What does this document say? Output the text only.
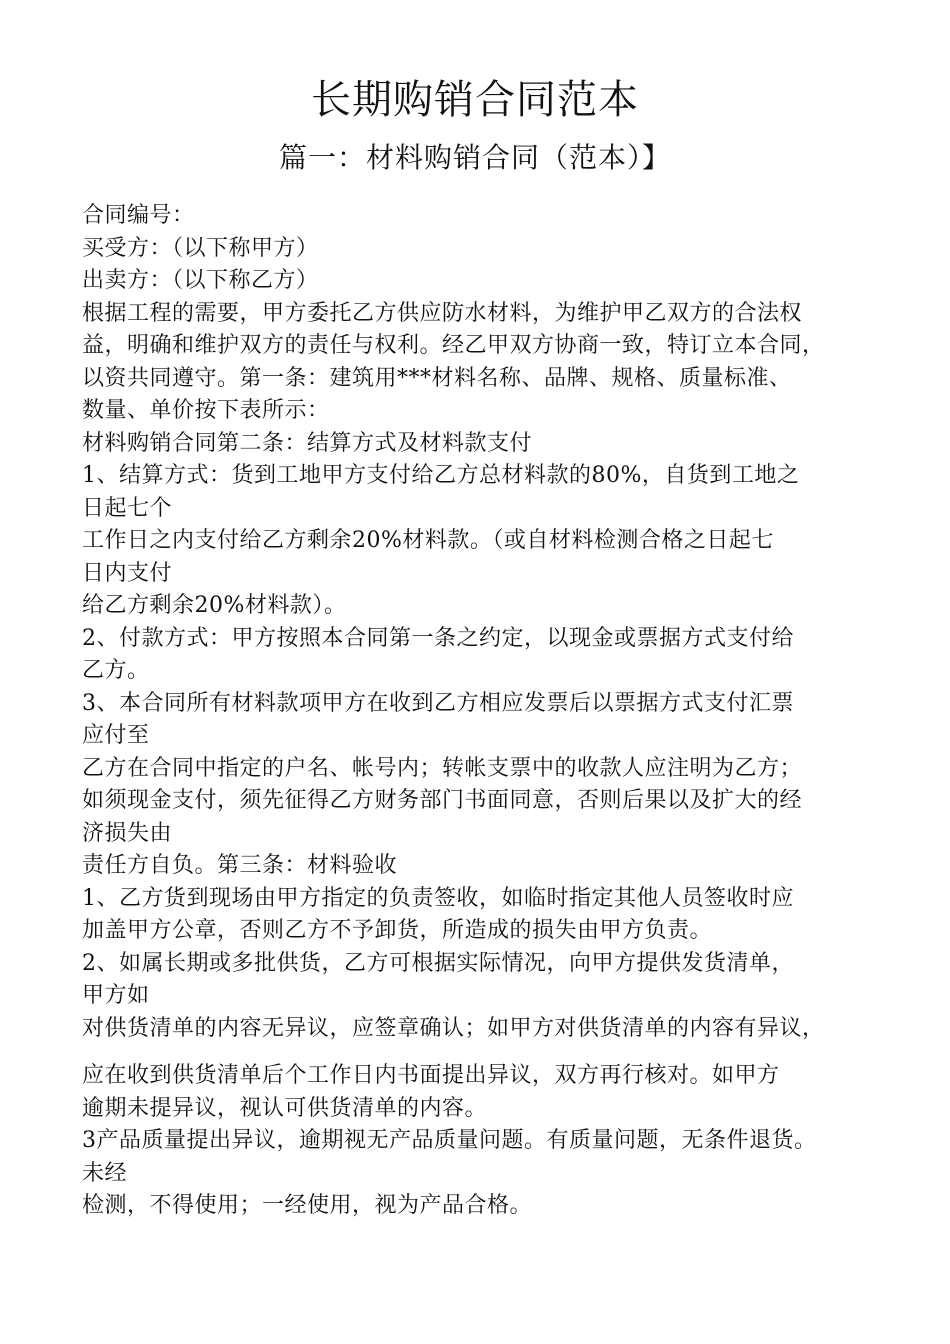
长期购销合同范本
篇一：材料购销合同（范本）】
合同编号：
买受方：（以下称甲方）
出卖方：（以下称乙方）
根据工程的需要，甲方委托乙方供应防水材料，为维护甲乙双方的合法权
益，明确和维护双方的责任与权利。经乙甲双方协商一致，特订立本合同，
以资共同遵守。第一条：建筑用***材料名称、品牌、规格、质量标准、
数量、单价按下表所示：
材料购销合同第二条：结算方式及材料款支付
1、结算方式：货到工地甲方支付给乙方总材料款的80%，自货到工地之
日起七个
工作日之内支付给乙方剩余20%材料款。（或自材料检测合格之日起七
日内支付
给乙方剩余20%材料款）。
2、付款方式：甲方按照本合同第一条之约定，以现金或票据方式支付给
乙方。
3、本合同所有材料款项甲方在收到乙方相应发票后以票据方式支付汇票
应付至
乙方在合同中指定的户名、帐号内；转帐支票中的收款人应注明为乙方；
如须现金支付，须先征得乙方财务部门书面同意，否则后果以及扩大的经
济损失由
责任方自负。第三条：材料验收
1、乙方货到现场由甲方指定的负责签收，如临时指定其他人员签收时应
加盖甲方公章，否则乙方不予卸货，所造成的损失由甲方负责。
2、如属长期或多批供货，乙方可根据实际情况，向甲方提供发货清单，
甲方如
对供货清单的内容无异议，应签章确认；如甲方对供货清单的内容有异议，
应在收到供货清单后个工作日内书面提出异议，双方再行核对。如甲方
逾期未提异议，视认可供货清单的内容。
3产品质量提出异议，逾期视无产品质量问题。有质量问题，无条件退货。
未经
检测，不得使用；一经使用，视为产品合格。
